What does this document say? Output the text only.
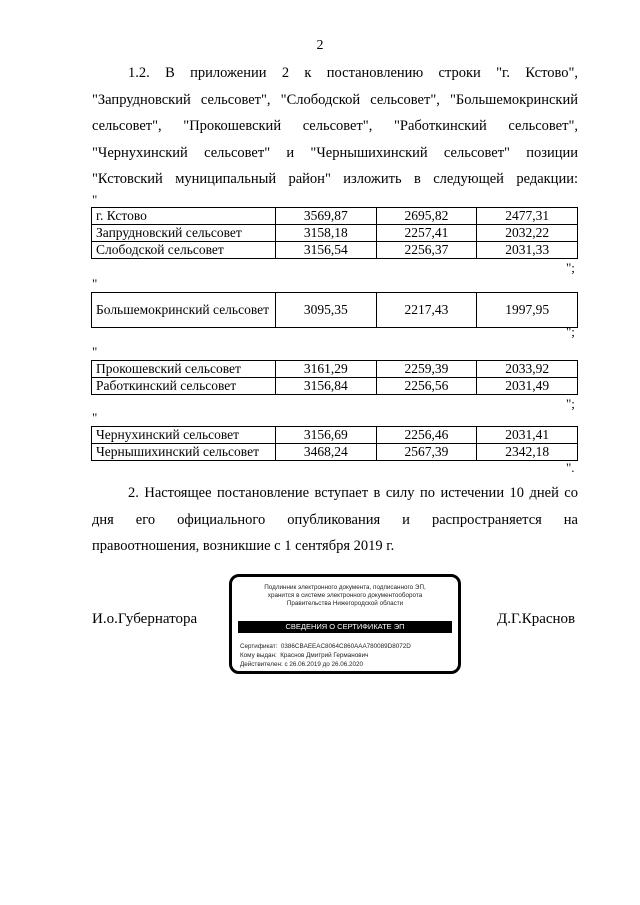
2

1.2. В приложении 2 к постановлению строки "г. Кстово", "Запрудновский сельсовет", "Слободской сельсовет", "Большемокринский сельсовет", "Прокошевский сельсовет", "Работкинский сельсовет", "Чернухинский сельсовет" и "Чернышихинский сельсовет" позиции "Кстовский муниципальный район" изложить в следующей редакции:

"
г. Кстово	3569,87	2695,82	2477,31
Запрудновский сельсовет	3158,18	2257,41	2032,22
Слободской сельсовет	3156,54	2256,37	2031,33
";
"
Большемокринский сельсовет	3095,35	2217,43	1997,95
";
"
Прокошевский сельсовет	3161,29	2259,39	2033,92
Работкинский сельсовет	3156,84	2256,56	2031,49
";
"
Чернухинский сельсовет	3156,69	2256,46	2031,41
Чернышихинский сельсовет	3468,24	2567,39	2342,18
".

2. Настоящее постановление вступает в силу по истечении 10 дней со дня его официального опубликования и распространяется на правоотношения, возникшие с 1 сентября 2019 г.

И.о.Губернатора
Подлинник электронного документа, подписанного ЭП,
хранится в системе электронного документооборота
Правительства Нижегородской области
СВЕДЕНИЯ О СЕРТИФИКАТЕ ЭП
Сертификат: 0386CBAEEAC8064C860AAA780089D8072D
Кому выдан: Краснов Дмитрий Германович
Действителен: с 26.06.2019 до 26.06.2020
Д.Г.Краснов
